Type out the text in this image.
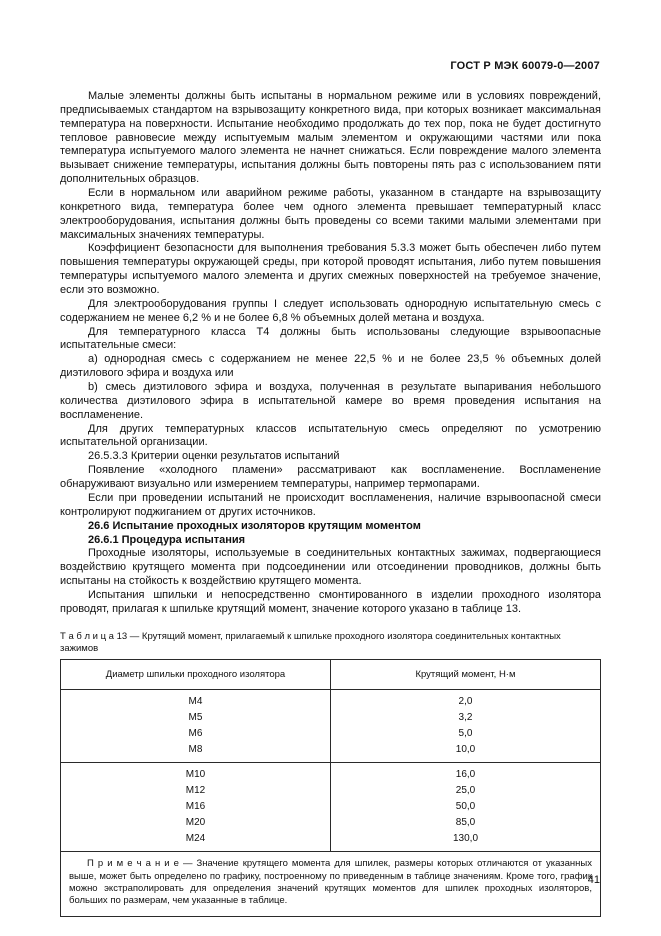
ГОСТ Р МЭК 60079-0—2007

Малые элементы должны быть испытаны в нормальном режиме или в условиях повреждений, предписываемых стандартом на взрывозащиту конкретного вида, при которых возникает максимальная температура на поверхности. Испытание необходимо продолжать до тех пор, пока не будет достигнуто тепловое равновесие между испытуемым малым элементом и окружающими частями или пока температура испытуемого малого элемента не начнет снижаться. Если повреждение малого элемента вызывает снижение температуры, испытания должны быть повторены пять раз с использованием пяти дополнительных образцов.

Если в нормальном или аварийном режиме работы, указанном в стандарте на взрывозащиту конкретного вида, температура более чем одного элемента превышает температурный класс электрооборудования, испытания должны быть проведены со всеми такими малыми элементами при максимальных значениях температуры.

Коэффициент безопасности для выполнения требования 5.3.3 может быть обеспечен либо путем повышения температуры окружающей среды, при которой проводят испытания, либо путем повышения температуры испытуемого малого элемента и других смежных поверхностей на требуемое значение, если это возможно.

Для электрооборудования группы I следует использовать однородную испытательную смесь с содержанием не менее 6,2 % и не более 6,8 % объемных долей метана и воздуха.

Для температурного класса Т4 должны быть использованы следующие взрывоопасные испытательные смеси:

a) однородная смесь с содержанием не менее 22,5 % и не более 23,5 % объемных долей диэтилового эфира и воздуха или

b) смесь диэтилового эфира и воздуха, полученная в результате выпаривания небольшого количества диэтилового эфира в испытательной камере во время проведения испытания на воспламенение.

Для других температурных классов испытательную смесь определяют по усмотрению испытательной организации.

26.5.3.3 Критерии оценки результатов испытаний

Появление «холодного пламени» рассматривают как воспламенение. Воспламенение обнаруживают визуально или измерением температуры, например термопарами.

Если при проведении испытаний не происходит воспламенения, наличие взрывоопасной смеси контролируют поджиганием от других источников.

26.6 Испытание проходных изоляторов крутящим моментом

26.6.1 Процедура испытания

Проходные изоляторы, используемые в соединительных контактных зажимах, подвергающиеся воздействию крутящего момента при подсоединении или отсоединении проводников, должны быть испытаны на стойкость к воздействию крутящего момента.

Испытания шпильки и непосредственно смонтированного в изделии проходного изолятора проводят, прилагая к шпильке крутящий момент, значение которого указано в таблице 13.

Т а б л и ц а 13 — Крутящий момент, прилагаемый к шпильке проходного изолятора соединительных контактных зажимов
Диаметр шпильки проходного изолятора	Крутящий момент, Н·м
М4	2,0
М5	3,2
М6	5,0
М8	10,0
М10	16,0
М12	25,0
М16	50,0
М20	85,0
М24	130,0

П р и м е ч а н и е — Значение крутящего момента для шпилек, размеры которых отличаются от указанных выше, может быть определено по графику, построенному по приведенным в таблице значениям. Кроме того, график можно экстраполировать для определения значений крутящих моментов для шпилек проходных изоляторов, больших по размерам, чем указанные в таблице.	
41
